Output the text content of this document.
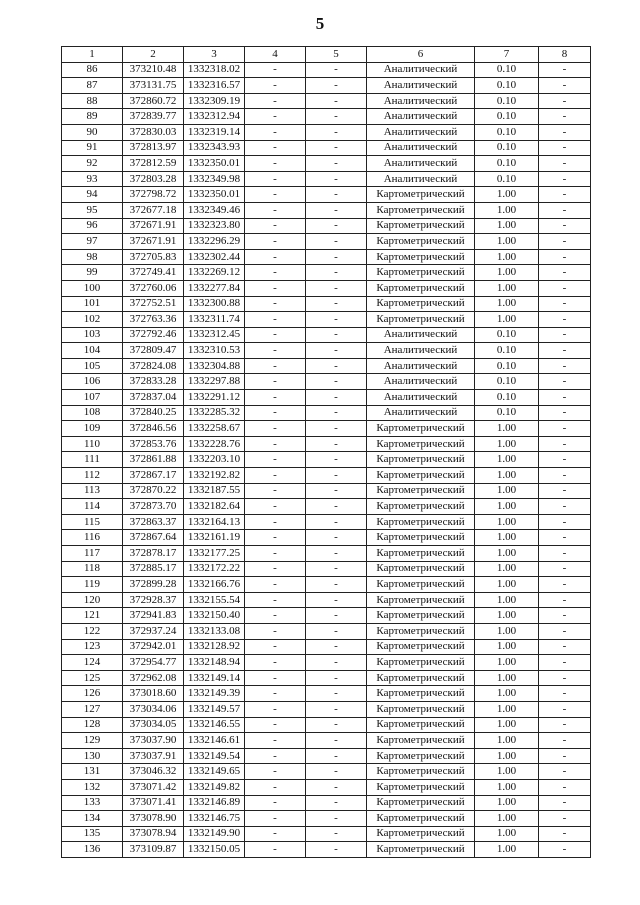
5
1	2	3	4	5	6	7	8
86	373210.48	1332318.02	-	-	Аналитический	0.10	-
87	373131.75	1332316.57	-	-	Аналитический	0.10	-
88	372860.72	1332309.19	-	-	Аналитический	0.10	-
89	372839.77	1332312.94	-	-	Аналитический	0.10	-
90	372830.03	1332319.14	-	-	Аналитический	0.10	-
91	372813.97	1332343.93	-	-	Аналитический	0.10	-
92	372812.59	1332350.01	-	-	Аналитический	0.10	-
93	372803.28	1332349.98	-	-	Аналитический	0.10	-
94	372798.72	1332350.01	-	-	Картометрический	1.00	-
95	372677.18	1332349.46	-	-	Картометрический	1.00	-
96	372671.91	1332323.80	-	-	Картометрический	1.00	-
97	372671.91	1332296.29	-	-	Картометрический	1.00	-
98	372705.83	1332302.44	-	-	Картометрический	1.00	-
99	372749.41	1332269.12	-	-	Картометрический	1.00	-
100	372760.06	1332277.84	-	-	Картометрический	1.00	-
101	372752.51	1332300.88	-	-	Картометрический	1.00	-
102	372763.36	1332311.74	-	-	Картометрический	1.00	-
103	372792.46	1332312.45	-	-	Аналитический	0.10	-
104	372809.47	1332310.53	-	-	Аналитический	0.10	-
105	372824.08	1332304.88	-	-	Аналитический	0.10	-
106	372833.28	1332297.88	-	-	Аналитический	0.10	-
107	372837.04	1332291.12	-	-	Аналитический	0.10	-
108	372840.25	1332285.32	-	-	Аналитический	0.10	-
109	372846.56	1332258.67	-	-	Картометрический	1.00	-
110	372853.76	1332228.76	-	-	Картометрический	1.00	-
111	372861.88	1332203.10	-	-	Картометрический	1.00	-
112	372867.17	1332192.82	-	-	Картометрический	1.00	-
113	372870.22	1332187.55	-	-	Картометрический	1.00	-
114	372873.70	1332182.64	-	-	Картометрический	1.00	-
115	372863.37	1332164.13	-	-	Картометрический	1.00	-
116	372867.64	1332161.19	-	-	Картометрический	1.00	-
117	372878.17	1332177.25	-	-	Картометрический	1.00	-
118	372885.17	1332172.22	-	-	Картометрический	1.00	-
119	372899.28	1332166.76	-	-	Картометрический	1.00	-
120	372928.37	1332155.54	-	-	Картометрический	1.00	-
121	372941.83	1332150.40	-	-	Картометрический	1.00	-
122	372937.24	1332133.08	-	-	Картометрический	1.00	-
123	372942.01	1332128.92	-	-	Картометрический	1.00	-
124	372954.77	1332148.94	-	-	Картометрический	1.00	-
125	372962.08	1332149.14	-	-	Картометрический	1.00	-
126	373018.60	1332149.39	-	-	Картометрический	1.00	-
127	373034.06	1332149.57	-	-	Картометрический	1.00	-
128	373034.05	1332146.55	-	-	Картометрический	1.00	-
129	373037.90	1332146.61	-	-	Картометрический	1.00	-
130	373037.91	1332149.54	-	-	Картометрический	1.00	-
131	373046.32	1332149.65	-	-	Картометрический	1.00	-
132	373071.42	1332149.82	-	-	Картометрический	1.00	-
133	373071.41	1332146.89	-	-	Картометрический	1.00	-
134	373078.90	1332146.75	-	-	Картометрический	1.00	-
135	373078.94	1332149.90	-	-	Картометрический	1.00	-
136	373109.87	1332150.05	-	-	Картометрический	1.00	-
